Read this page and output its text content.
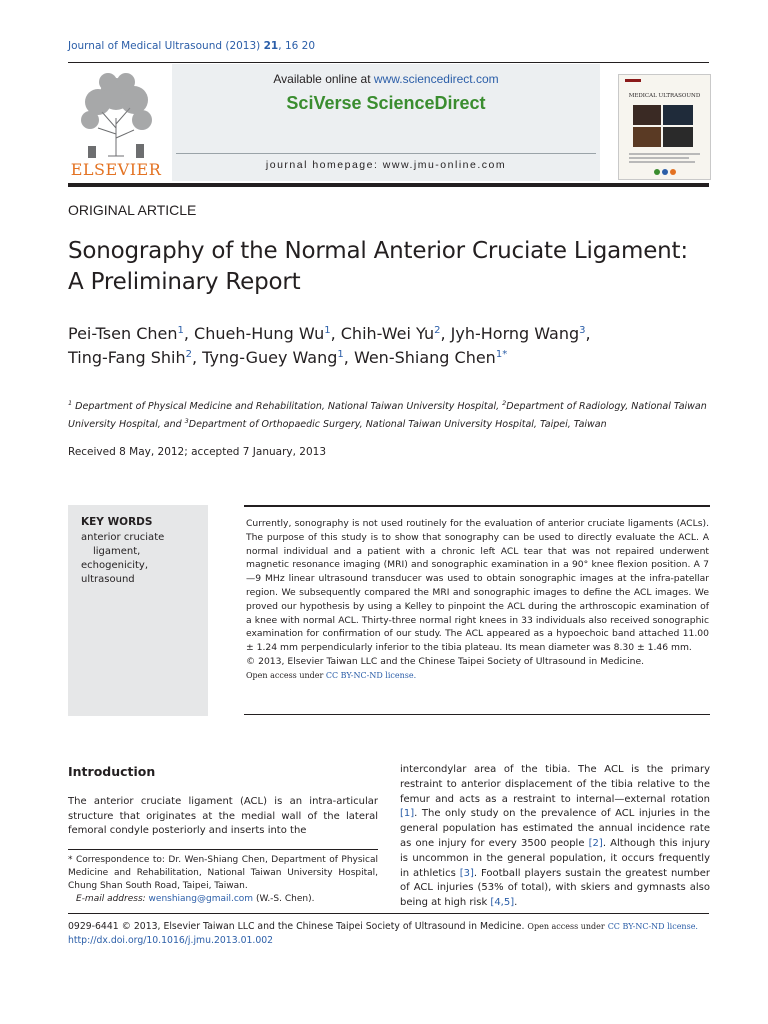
Journal of Medical Ultrasound (2013) 21, 16 20
ELSEVIER
Available online at www.sciencedirect.com
SciVerse ScienceDirect
journal homepage: www.jmu-online.com
MEDICAL ULTRASOUND
ORIGINAL ARTICLE
Sonography of the Normal Anterior Cruciate Ligament: A Preliminary Report
Pei-Tsen Chen$^1$, Chueh-Hung Wu$^1$, Chih-Wei Yu$^2$, Jyh-Horng Wang$^3$,
Ting-Fang Shih$^2$, Tyng-Guey Wang$^1$, Wen-Shiang Chen$^{1*}$
$^1$ Department of Physical Medicine and Rehabilitation, National Taiwan University Hospital, $^2$Department of Radiology, National Taiwan University Hospital, and $^3$Department of Orthopaedic Surgery, National Taiwan University Hospital, Taipei, Taiwan
Received 8 May, 2012; accepted 7 January, 2013
KEY WORDS
anterior cruciate ligament,
echogenicity,
ultrasound

Currently, sonography is not used routinely for the evaluation of anterior cruciate ligaments (ACLs). The purpose of this study is to show that sonography can be used to directly evaluate the ACL. A normal individual and a patient with a chronic left ACL tear that was not repaired underwent magnetic resonance imaging (MRI) and sonographic examination in a 90° knee flexion position. A 7—9 MHz linear ultrasound transducer was used to obtain sonographic images at the infra-patellar region. We subsequently compared the MRI and sonographic images to define the ACL images. We proved our hypothesis by using a Kelley to pinpoint the ACL during the arthroscopic examination of a knee with normal ACL. Thirty-three normal right knees in 33 individuals also received sonographic examination for confirmation of our study. The ACL appeared as a hypoechoic band attached 11.00 ± 1.24 mm perpendicularly inferior to the tibia plateau. Its mean diameter was 8.30 ± 1.46 mm.

© 2013, Elsevier Taiwan LLC and the Chinese Taipei Society of Ultrasound in Medicine.

Open access under CC BY-NC-ND license.

Introduction
The anterior cruciate ligament (ACL) is an intra-articular structure that originates at the medial wall of the lateral femoral condyle posteriorly and inserts into the
* Correspondence to: Dr. Wen-Shiang Chen, Department of Physical Medicine and Rehabilitation, National Taiwan University Hospital, Chung Shan South Road, Taipei, Taiwan.
E-mail address: wenshiang@gmail.com (W.-S. Chen).
intercondylar area of the tibia. The ACL is the primary restraint to anterior displacement of the tibia relative to the femur and acts as a restraint to internal—external rotation [1]. The only study on the prevalence of ACL injuries in the general population has estimated the annual incidence rate as one injury for every 3500 people [2]. Although this injury is uncommon in the general population, it occurs frequently in athletics [3]. Football players sustain the greatest number of ACL injuries (53% of total), with skiers and gymnasts also being at high risk [4,5].
0929-6441 © 2013, Elsevier Taiwan LLC and the Chinese Taipei Society of Ultrasound in Medicine. Open access under CC BY-NC-ND license.
http://dx.doi.org/10.1016/j.jmu.2013.01.002
